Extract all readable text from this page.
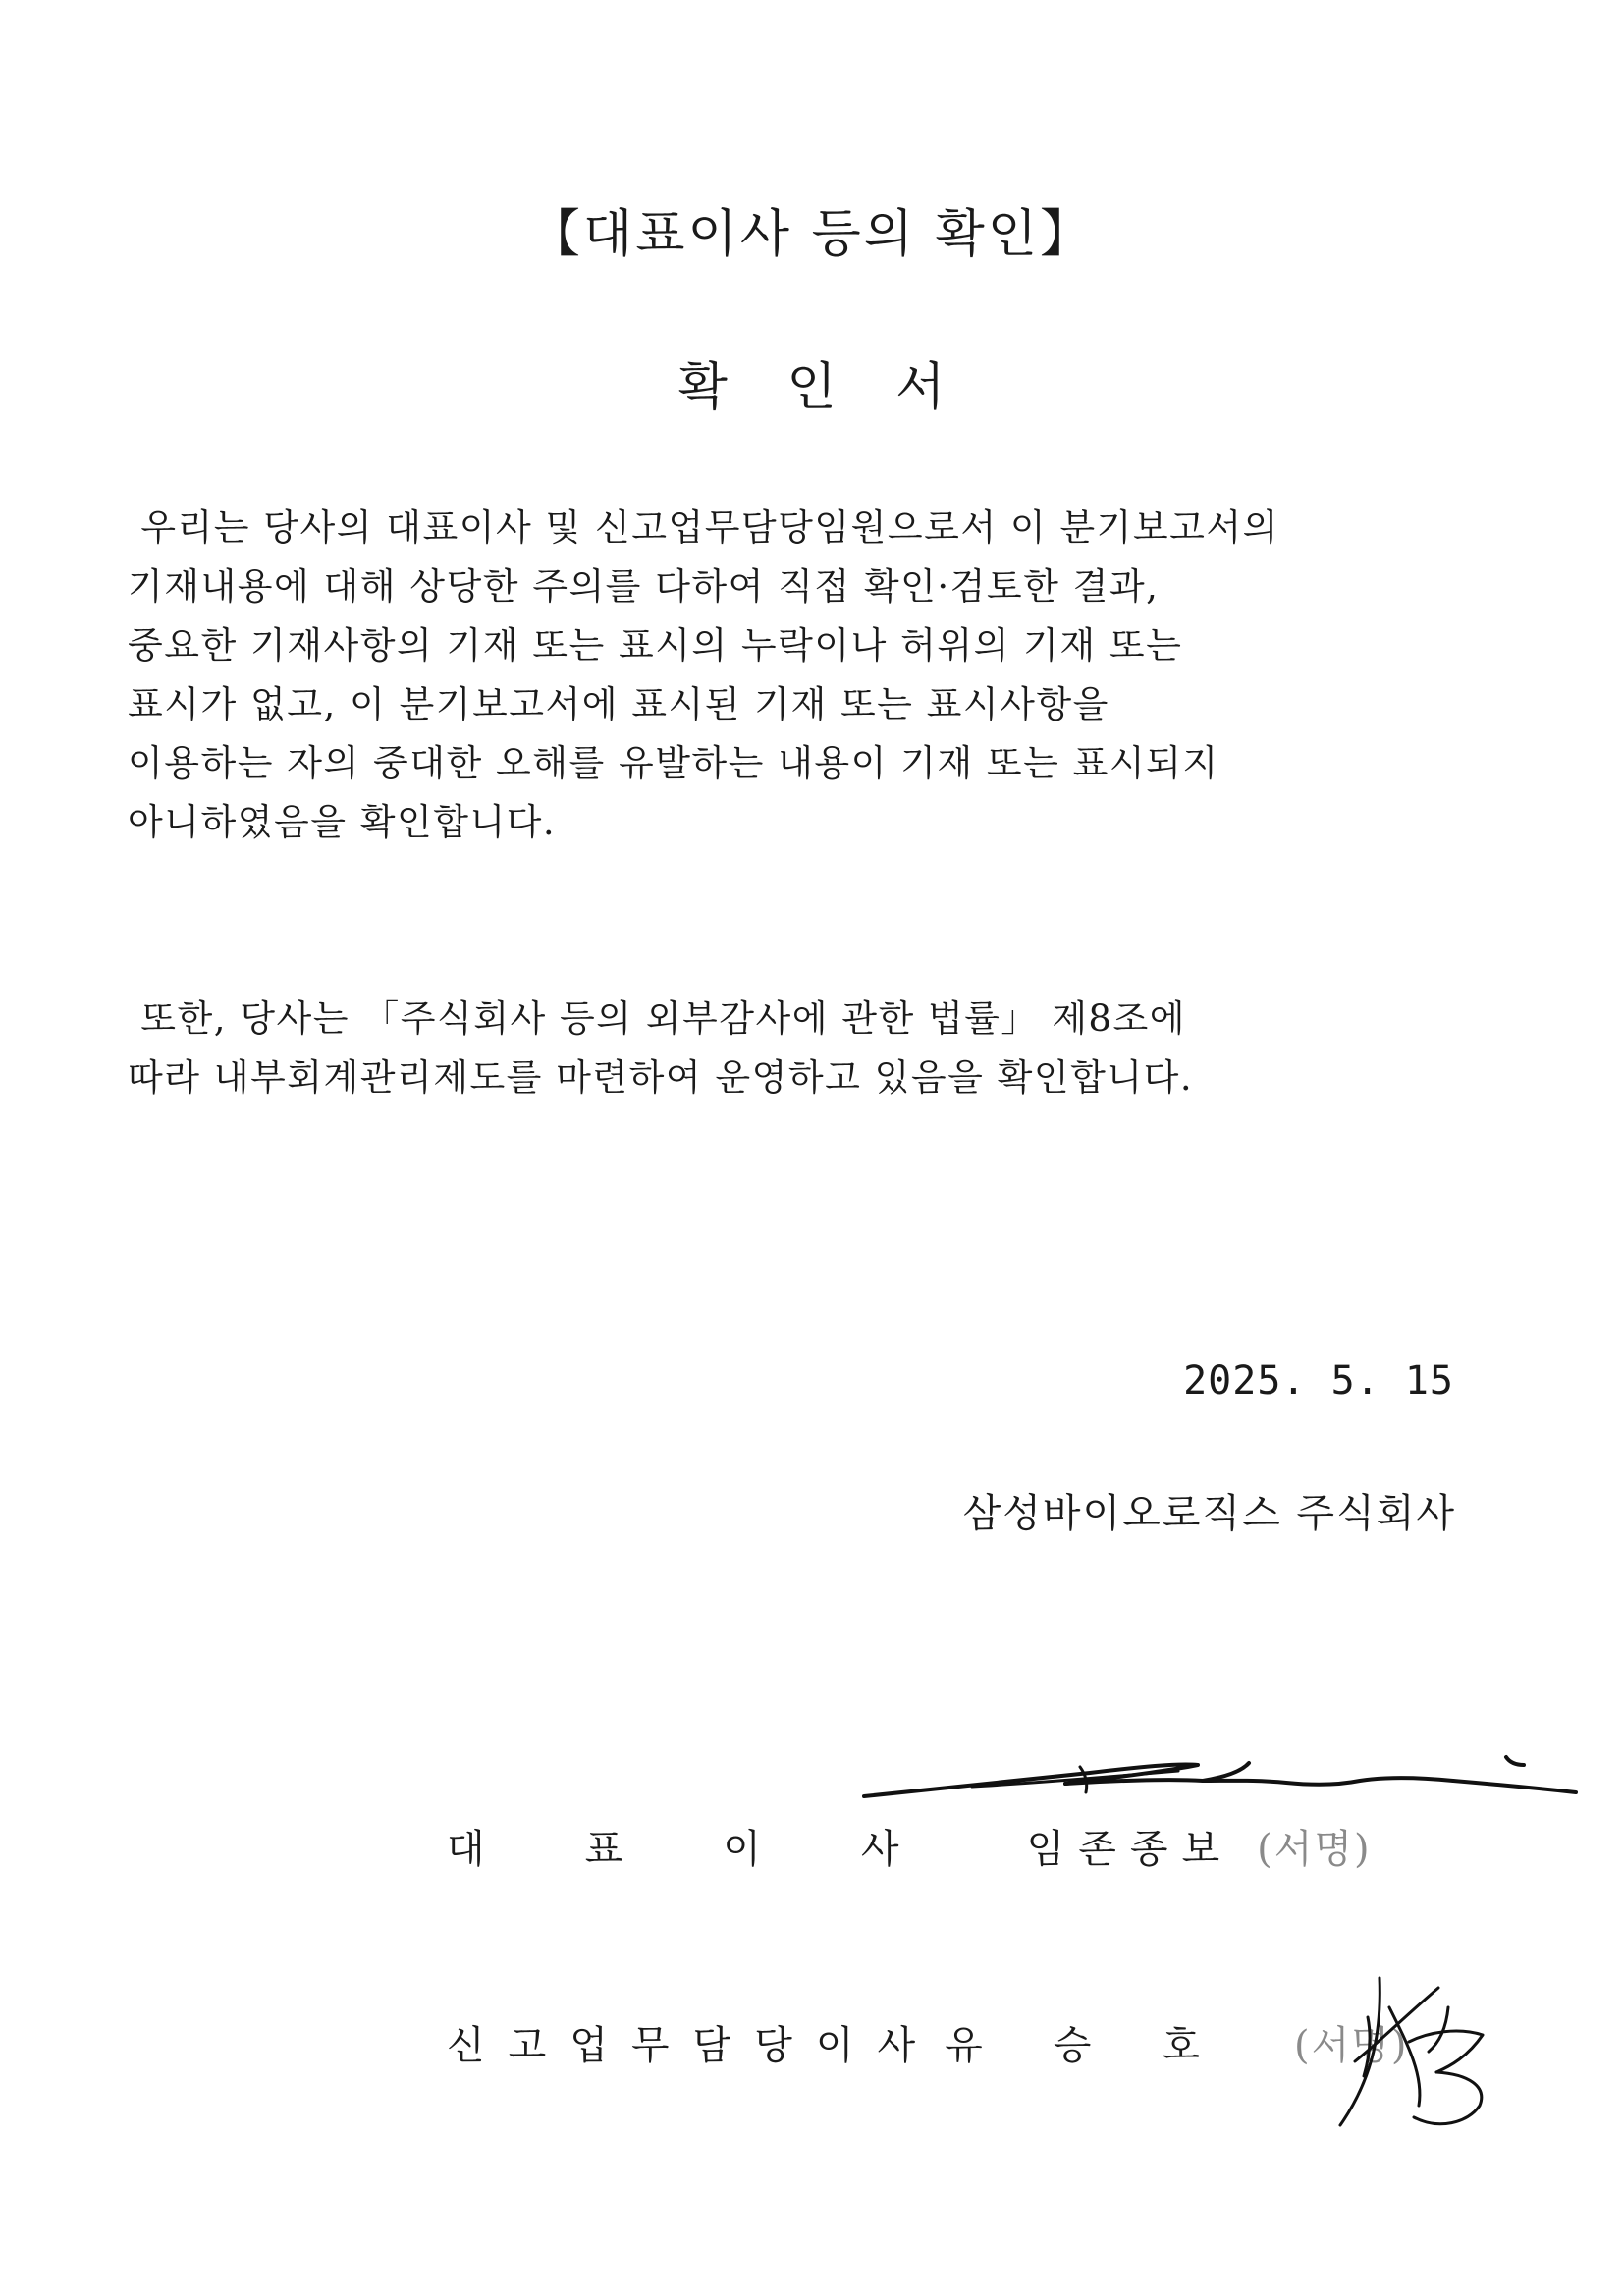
【대표이사 등의 확인】
확 인 서
우리는 당사의 대표이사 및 신고업무담당임원으로서 이 분기보고서의
기재내용에 대해 상당한 주의를 다하여 직접 확인·검토한 결과,
중요한 기재사항의 기재 또는 표시의 누락이나 허위의 기재 또는
표시가 없고, 이 분기보고서에 표시된 기재 또는 표시사항을
이용하는 자의 중대한 오해를 유발하는 내용이 기재 또는 표시되지
아니하였음을 확인합니다.
또한, 당사는 「주식회사 등의 외부감사에 관한 법률」 제8조에
따라 내부회계관리제도를 마련하여 운영하고 있음을 확인합니다.
2025. 5. 15
삼성바이오로직스 주식회사
대표이사 임존종보 (서명)
신고업무담당이사 유승호 (서명)
